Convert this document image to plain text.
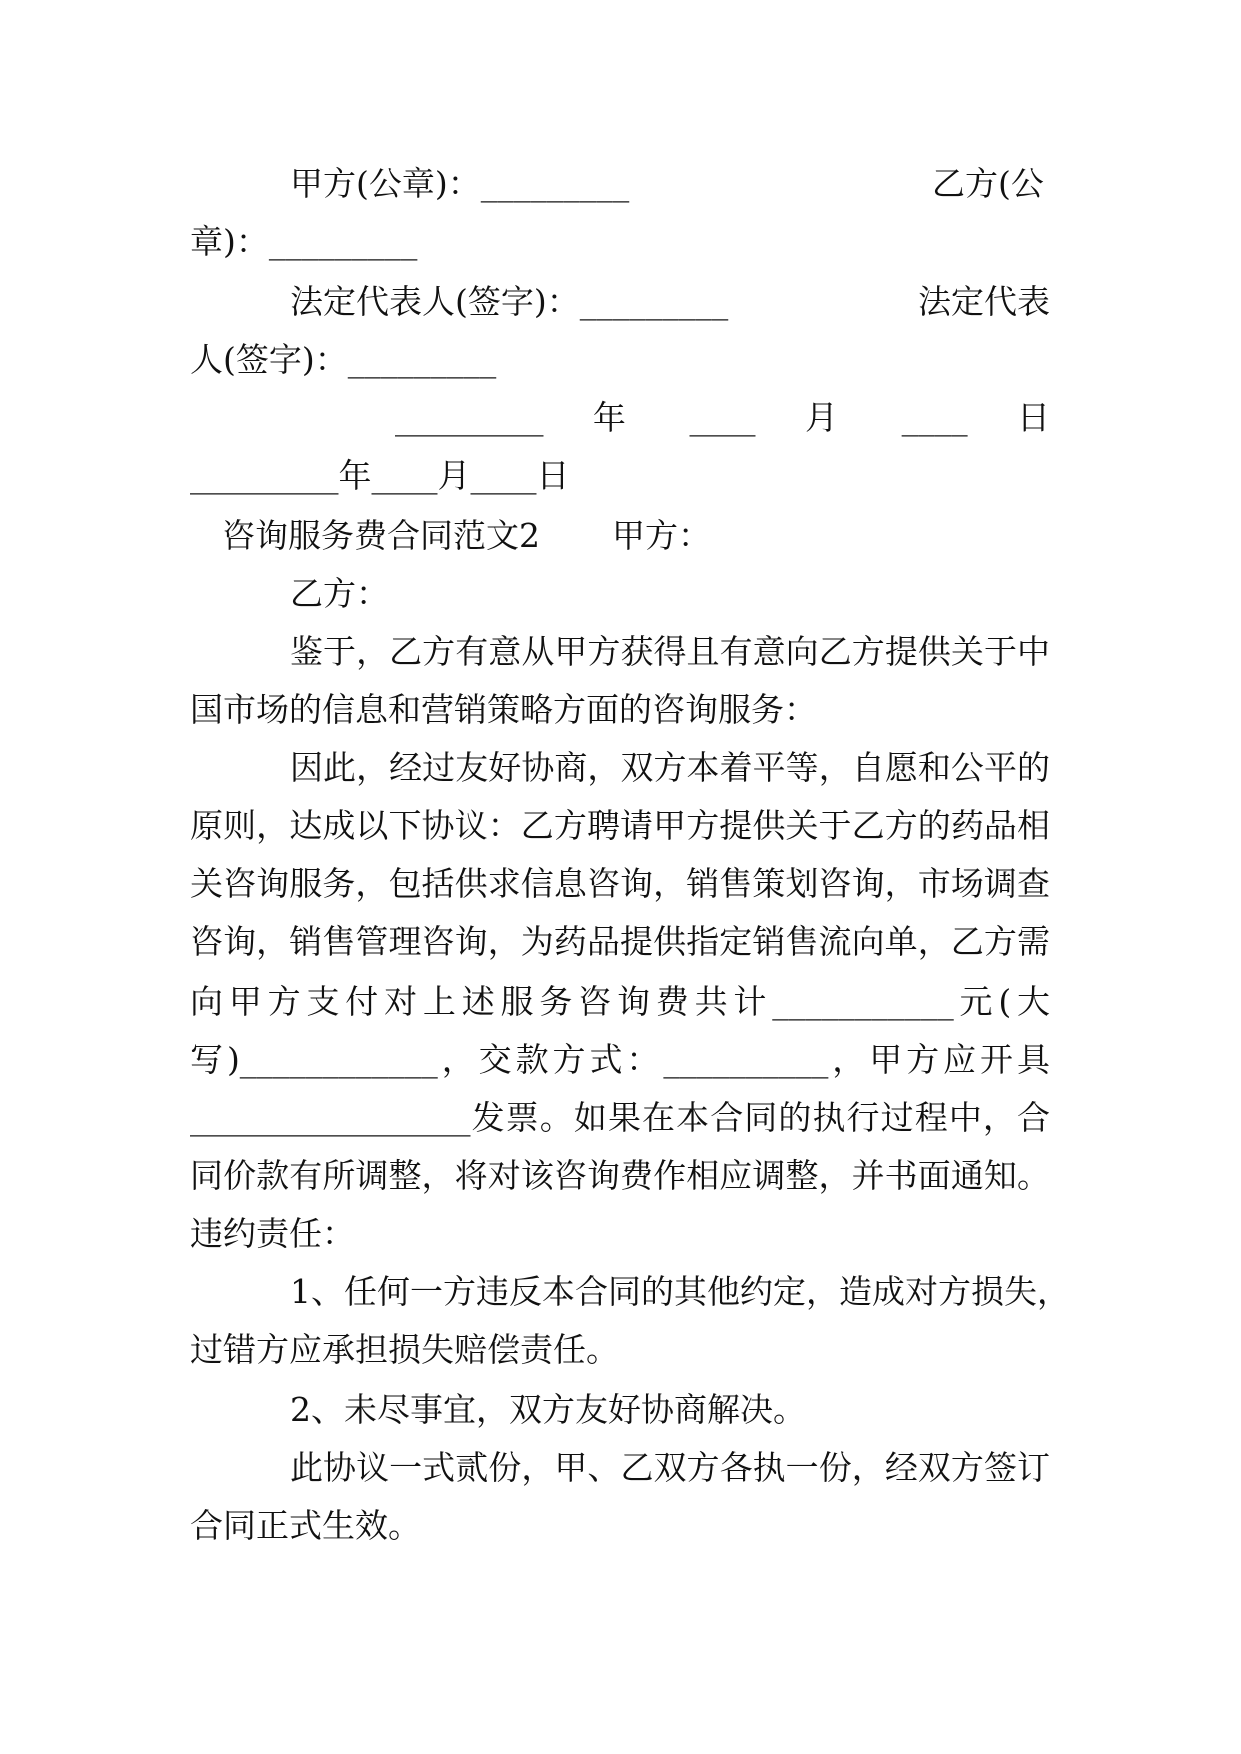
甲方(公章)：_________	乙方(公
章)：_________
法定代表人(签字)：_________	法定代表
人(签字)：_________
_________  年  ____  月  ____  日
_________年____月____日
咨询服务费合同范文2 甲方：
乙方：
鉴于，乙方有意从甲方获得且有意向乙方提供关于中
国市场的信息和营销策略方面的咨询服务：
因此，经过友好协商，双方本着平等，自愿和公平的
原则，达成以下协议：乙方聘请甲方提供关于乙方的药品相
关咨询服务，包括供求信息咨询，销售策划咨询，市场调查
咨询，销售管理咨询，为药品提供指定销售流向单，乙方需
向甲方支付对上述服务咨询费共计___________元(大
写)____________，交款方式：__________，甲方应开具
_________________发票。如果在本合同的执行过程中，合
同价款有所调整，将对该咨询费作相应调整，并书面通知。
违约责任：
1、任何一方违反本合同的其他约定，造成对方损失，
过错方应承担损失赔偿责任。
2、未尽事宜，双方友好协商解决。
此协议一式贰份，甲、乙双方各执一份，经双方签订
合同正式生效。
